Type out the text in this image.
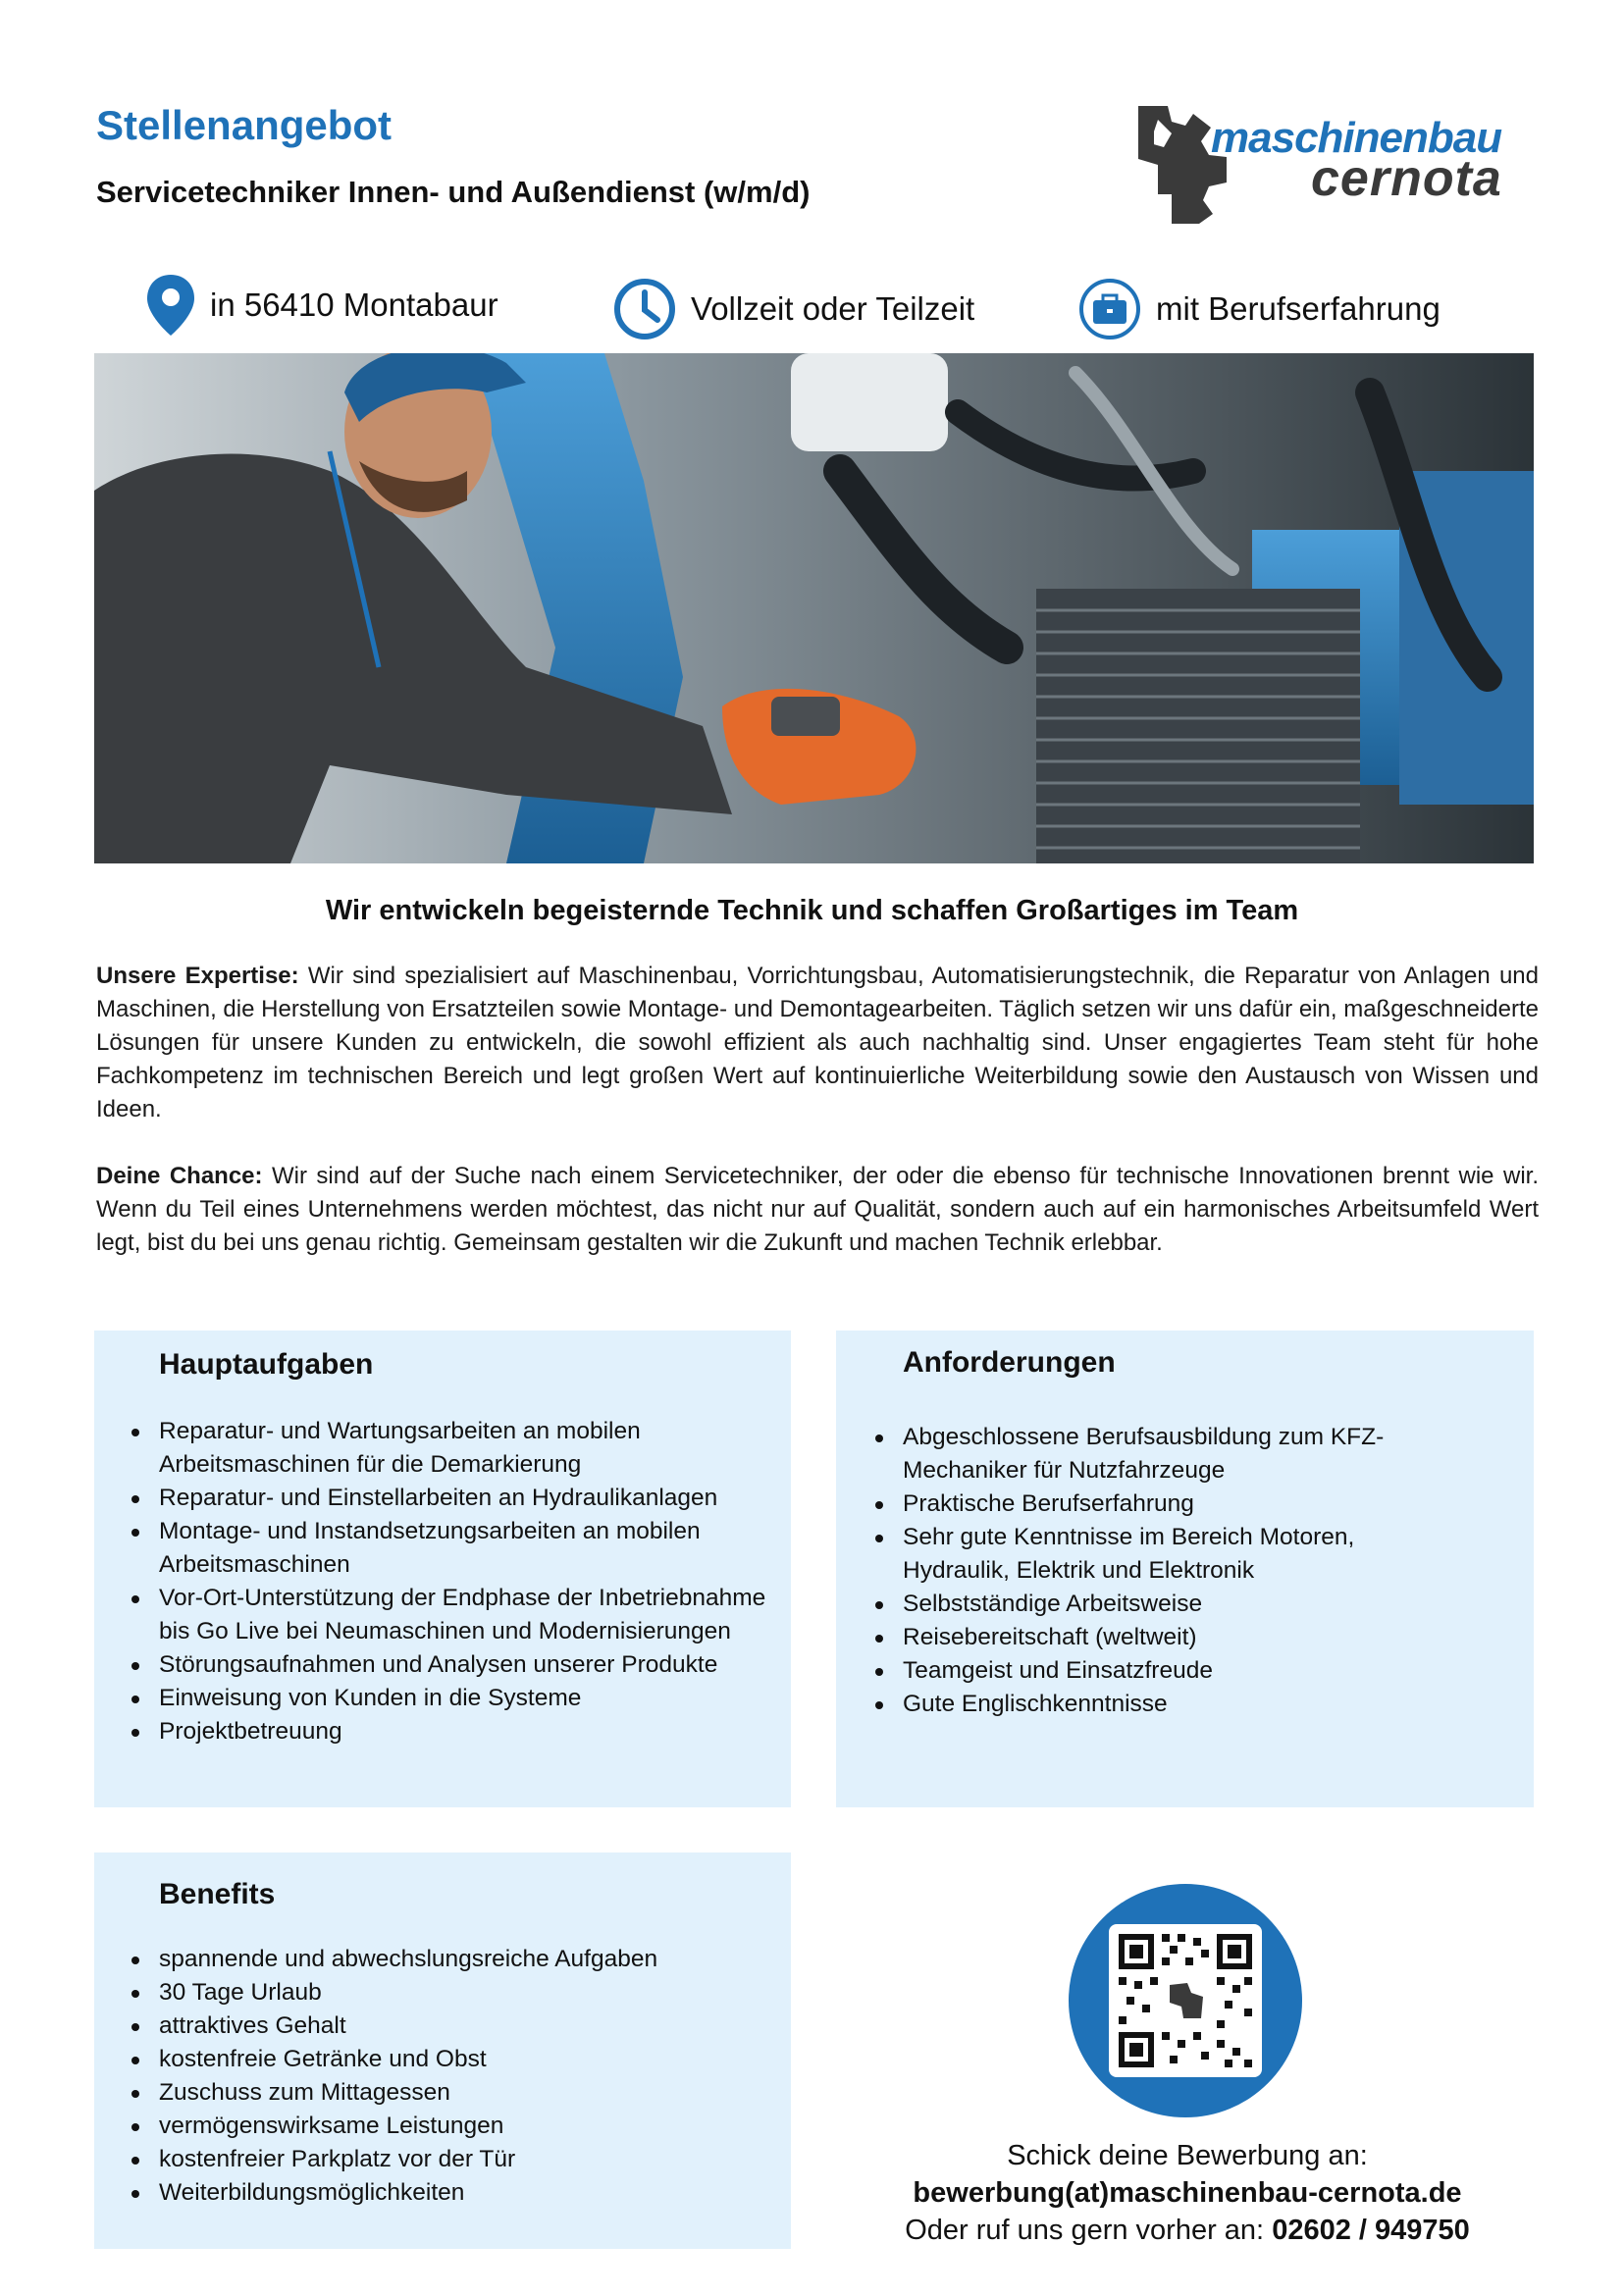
Stellenangebot
Servicetechniker Innen- und Außendienst (w/m/d)
maschinenbau
cernota
in 56410 Montabaur	Vollzeit oder Teilzeit	mit Berufserfahrung
Wir entwickeln begeisternde Technik und schaffen Großartiges im Team
Unsere Expertise: Wir sind spezialisiert auf Maschinenbau, Vorrichtungsbau, Automatisierungstechnik, die Reparatur von Anlagen und Maschinen, die Herstellung von Ersatzteilen sowie Montage- und Demontagearbeiten. Täglich setzen wir uns dafür ein, maßgeschneiderte Lösungen für unsere Kunden zu entwickeln, die sowohl effizient als auch nachhaltig sind. Unser engagiertes Team steht für hohe Fachkompetenz im technischen Bereich und legt großen Wert auf kontinuierliche Weiterbildung sowie den Austausch von Wissen und Ideen.
Deine Chance: Wir sind auf der Suche nach einem Servicetechniker, der oder die ebenso für technische Innovationen brennt wie wir. Wenn du Teil eines Unternehmens werden möchtest, das nicht nur auf Qualität, sondern auch auf ein harmonisches Arbeitsumfeld Wert legt, bist du bei uns genau richtig. Gemeinsam gestalten wir die Zukunft und machen Technik erlebbar.
Hauptaufgaben
Reparatur- und Wartungsarbeiten an mobilen Arbeitsmaschinen für die Demarkierung
Reparatur- und Einstellarbeiten an Hydraulikanlagen
Montage- und Instandsetzungsarbeiten an mobilen Arbeitsmaschinen
Vor-Ort-Unterstützung der Endphase der Inbetriebnahme bis Go Live bei Neumaschinen und Modernisierungen
Störungsaufnahmen und Analysen unserer Produkte
Einweisung von Kunden in die Systeme
Projektbetreuung
Anforderungen
Abgeschlossene Berufsausbildung zum KFZ-Mechaniker für Nutzfahrzeuge
Praktische Berufserfahrung
Sehr gute Kenntnisse im Bereich Motoren, Hydraulik, Elektrik und Elektronik
Selbstständige Arbeitsweise
Reisebereitschaft (weltweit)
Teamgeist und Einsatzfreude
Gute Englischkenntnisse
Benefits
spannende und abwechslungsreiche Aufgaben
30 Tage Urlaub
attraktives Gehalt
kostenfreie Getränke und Obst
Zuschuss zum Mittagessen
vermögenswirksame Leistungen
kostenfreier Parkplatz vor der Tür
Weiterbildungsmöglichkeiten
Schick deine Bewerbung an:
bewerbung(at)maschinenbau-cernota.de
Oder ruf uns gern vorher an: 02602 / 949750
